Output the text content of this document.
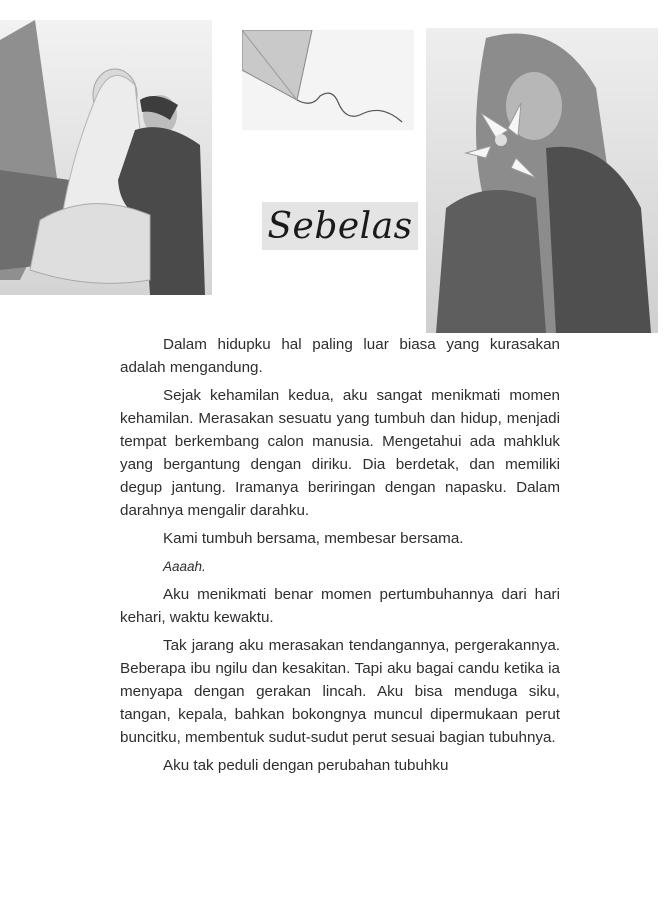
Sebelas

Dalam hidupku hal paling luar biasa yang kurasakan adalah mengandung.

Sejak kehamilan kedua, aku sangat menikmati momen kehamilan. Merasakan sesuatu yang tumbuh dan hidup, menjadi tempat berkembang calon manusia. Mengetahui ada mahkluk yang bergantung dengan diriku. Dia berdetak, dan memiliki degup jantung. Iramanya beriringan dengan napasku. Dalam darahnya mengalir darahku.

Kami tumbuh bersama, membesar bersama.

Aaaah.

Aku menikmati benar momen pertumbuhannya dari hari kehari, waktu kewaktu.

Tak jarang aku merasakan tendangannya, pergerakannya. Beberapa ibu ngilu dan kesakitan. Tapi aku bagai candu ketika ia menyapa dengan gerakan lincah. Aku bisa menduga siku, tangan, kepala, bahkan bokongnya muncul dipermukaan perut buncitku, membentuk sudut-sudut perut sesuai bagian tubuhnya.

Aku tak peduli dengan perubahan tubuhku
